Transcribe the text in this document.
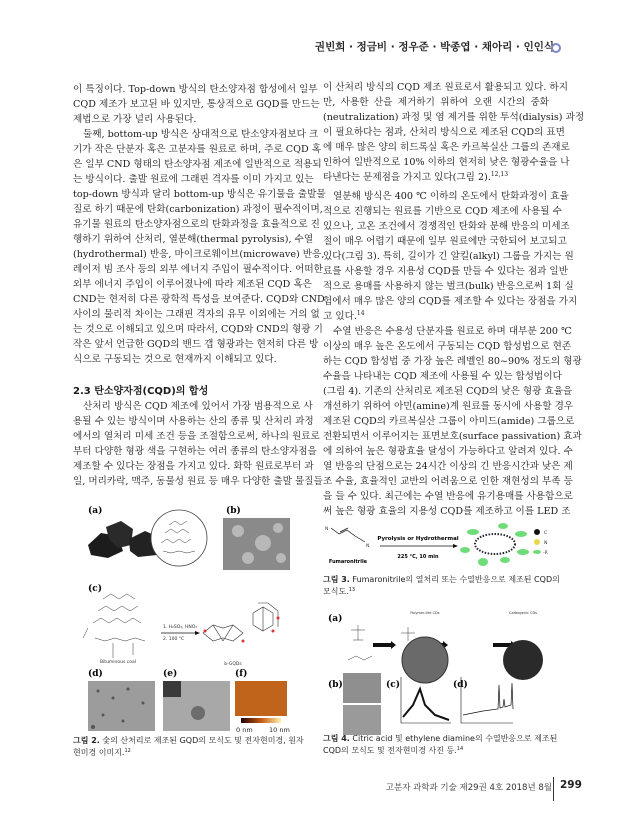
권빈희 · 정금비 · 정우준 · 박종엽 · 채아리 · 인인식
이 특징이다. Top-down 방식의 탄소양자점 합성에서 일부
CQD 제조가 보고된 바 있지만, 통상적으로 GQD를 만드는
제법으로 가장 널리 사용된다.
둘째, bottom-up 방식은 상대적으로 탄소양자점보다 크
기가 작은 단분자 혹은 고분자를 원료로 하며, 주로 CQD 혹
은 일부 CND 형태의 탄소양자점 제조에 일반적으로 적용되
는 방식이다. 출발 원료에 그래핀 격자를 이미 가지고 있는
top-down 방식과 달리 bottom-up 방식은 유기물을 출발물
질로 하기 때문에 탄화(carbonization) 과정이 필수적이며,
유기물 원료의 탄소양자점으로의 탄화과정을 효율적으로 진
행하기 위하여 산처리, 열분해(thermal pyrolysis), 수열
(hydrothermal) 반응, 마이크로웨이브(microwave) 반응,
레이저 빔 조사 등의 외부 에너지 주입이 필수적이다. 어떠한
외부 에너지 주입이 이루어졌나에 따라 제조된 CQD 혹은
CND는 현저히 다른 광학적 특성을 보여준다. CQD와 CND
사이의 물리적 차이는 그래핀 격자의 유무 이외에는 거의 없
는 것으로 이해되고 있으며 따라서, CQD와 CND의 형광 기
작은 앞서 언급한 GQD의 밴드 갭 형광과는 현저히 다른 방
식으로 구동되는 것으로 현재까지 이해되고 있다.
2.3 탄소양자점(CQD)의 합성
산처리 방식은 CQD 제조에 있어서 가장 범용적으로 사
용될 수 있는 방식이며 사용하는 산의 종류 및 산처리 과정
에서의 열처리 미세 조건 등을 조절함으로써, 하나의 원료로
부터 다양한 형광 색을 구현하는 여러 종류의 탄소양자점을
제조할 수 있다는 장점을 가지고 있다. 화학 원료로부터 과
일, 머리카락, 맥주, 동물성 원료 등 매우 다양한 출발 물질들
이 산처리 방식의 CQD 제조 원료로서 활용되고 있다. 하지
만, 사용한 산을 제거하기 위하여 오랜 시간의 중화
(neutralization) 과정 및 염 제거를 위한 투석(dialysis) 과정
이 필요하다는 점과, 산처리 방식으로 제조된 CQD의 표면
에 매우 많은 양의 히드록실 혹은 카르복실산 그룹의 존재로
인하여 일반적으로 10% 이하의 현저히 낮은 형광수율을 나
타낸다는 문제점을 가지고 있다(그림 2).$^{12,13}$
열분해 방식은 400 ℃ 이하의 온도에서 탄화과정이 효율
적으로 진행되는 원료를 기반으로 CQD 제조에 사용될 수
있으나, 고온 조건에서 경쟁적인 탄화와 분해 반응의 미세조
절이 매우 어렵기 때문에 일부 원료에만 국한되어 보고되고
있다(그림 3). 특히, 길이가 긴 알킬(alkyl) 그룹을 가지는 원
료를 사용할 경우 지용성 CQD를 만들 수 있다는 점과 일반
적으로 용매를 사용하지 않는 벌크(bulk) 반응으로써 1회 실
험에서 매우 많은 양의 CQD를 제조할 수 있다는 장점을 가지
고 있다.$^{14}$
수열 반응은 수용성 단분자를 원료로 하며 대부분 200 ℃
이상의 매우 높은 온도에서 구동되는 CQD 합성법으로 현존
하는 CQD 합성법 중 가장 높은 레벨인 80~90% 정도의 형광
수율을 나타내는 CQD 제조에 사용될 수 있는 합성법이다
(그림 4). 기존의 산처리로 제조된 CQD의 낮은 형광 효율을
개선하기 위하여 아민(amine)계 원료를 동시에 사용할 경우
제조된 CQD의 카르복실산 그룹이 아미드(amide) 그룹으로
전환되면서 이루어지는 표면보호(surface passivation) 효과
에 의하여 높은 형광효율 달성이 가능하다고 알려져 있다. 수
열 반응의 단점으로는 24시간 이상의 긴 반응시간과 낮은 제
조 수율, 효율적인 교반의 어려움으로 인한 재현성의 부족 등
을 들 수 있다. 최근에는 수열 반응에 유기용매를 사용함으로
써 높은 형광 효율의 지용성 CQD를 제조하고 이를 LED 조
(a)	(b)
(c)
1. H₂SO₄, HNO₃
2. 100 °C
Bituminous coal	b-GQDs
(d)	(e)	(f)
0 nm	10 nm
그림 2. 숯의 산처리로 제조된 GQD의 모식도 및 전자현미경, 원자현미경 이미지.$^{12}$
N
N
Fumaronitrile
Pyrolysis or Hydrothermal
225 °C, 10 min
C
N
-R
그림 3. Fumaronitrile의 열처리 또는 수열반응으로 제조된 CQD의 모식도.$^{13}$
(a)
Polymer-like CDs	Carbogenic CDs
(b)	(c)	(d)
그림 4. Citric acid 및 ethylene diamine의 수열반응으로 제조된 CQD의 모식도 및 전자현미경 사진 등.$^{14}$
고분자 과학과 기술 제29권 4호 2018년 8월 299
